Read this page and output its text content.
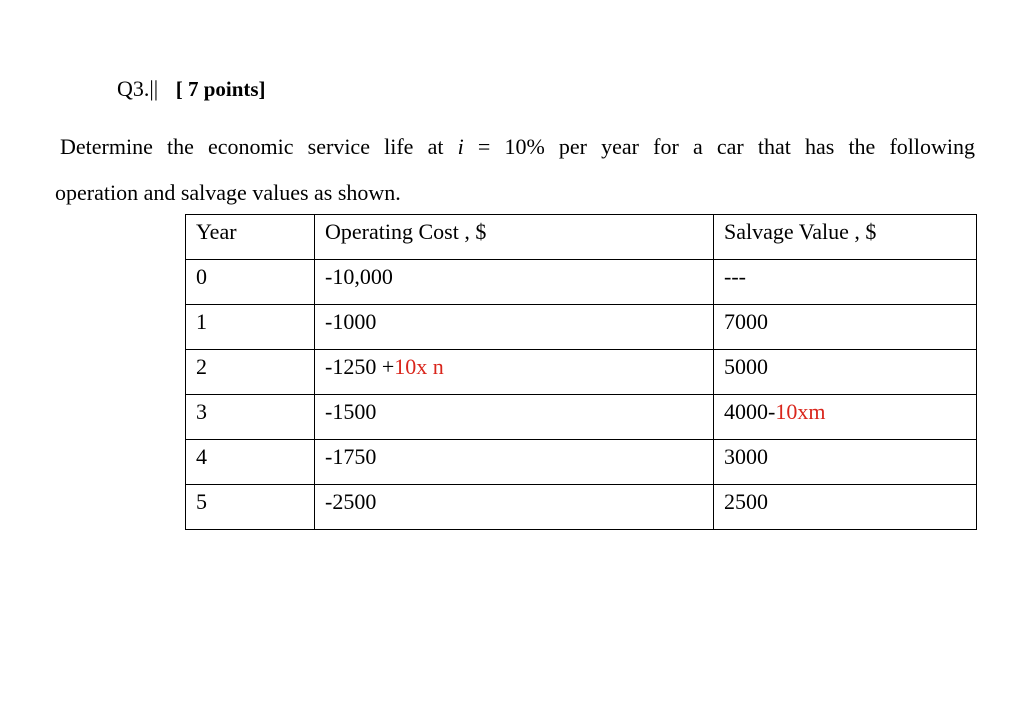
Q3.|| [ 7 points]
Determine the economic service life at i = 10% per year for a car that has the following
operation and salvage values as shown.
Year	Operating Cost , $	Salvage Value , $
0	-10,000	---
1	-1000	7000
2	-1250 +10x n	5000
3	-1500	4000-10xm
4	-1750	3000
5	-2500	2500
